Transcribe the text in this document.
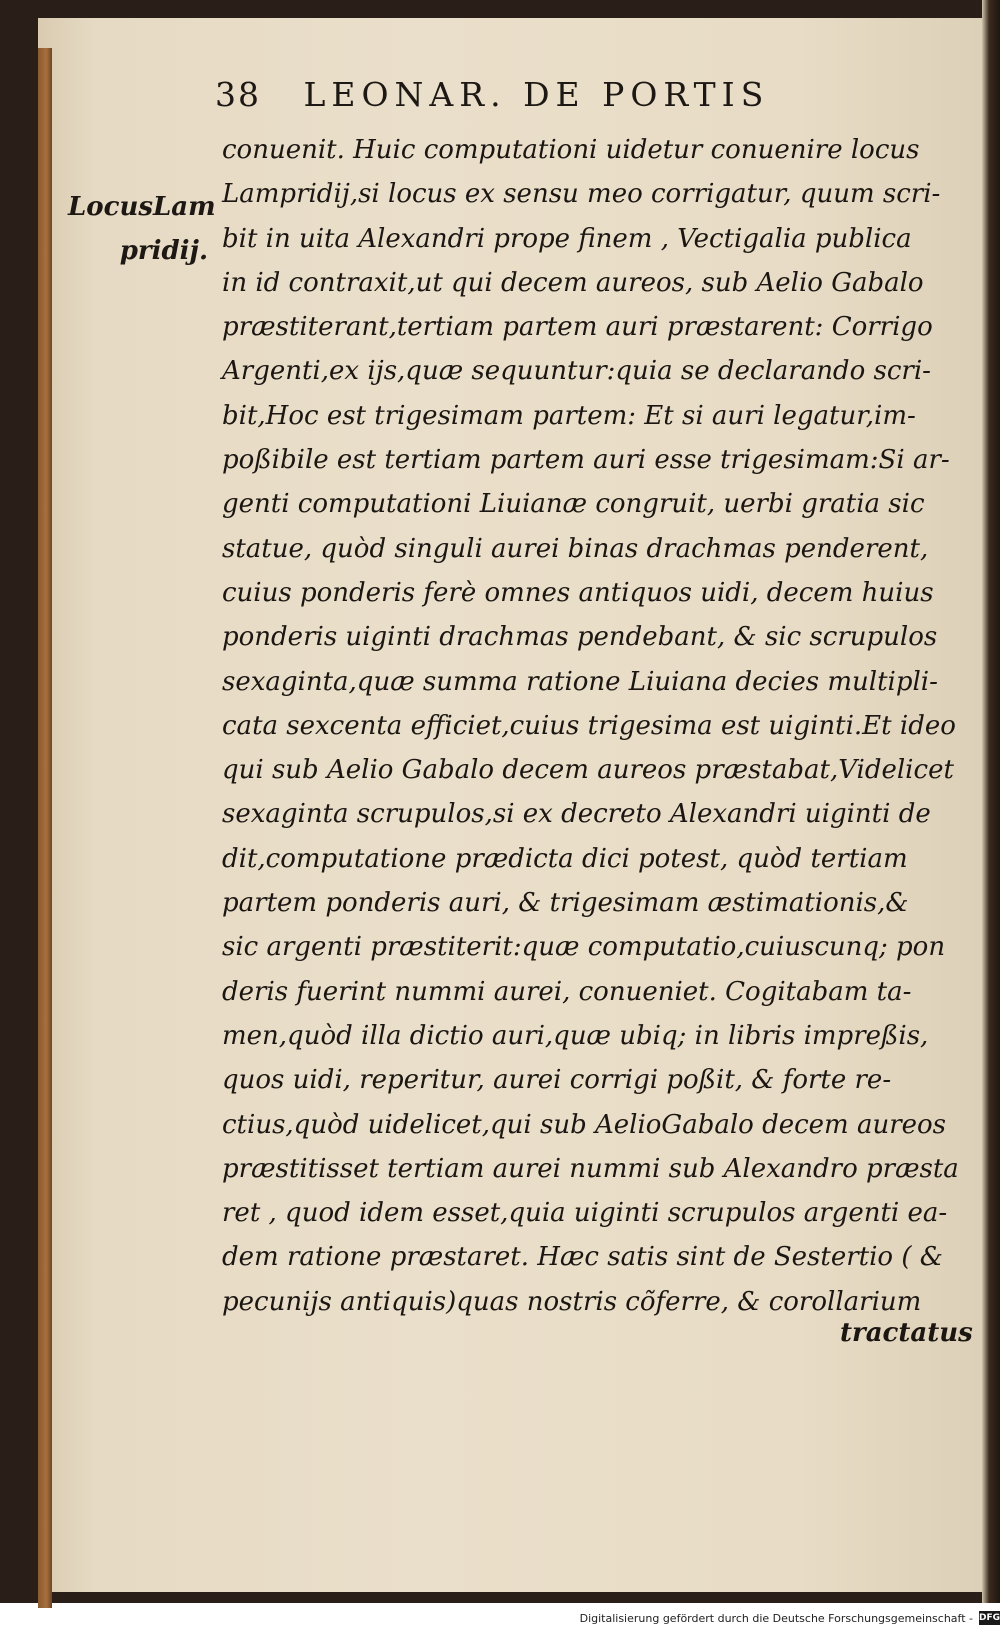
38 LEONAR. DE PORTIS
LocusLam
pridij.
conuenit. Huic computationi uidetur conuenire locus
Lampridij,si locus ex sensu meo corrigatur, quum scri-
bit in uita Alexandri prope finem , Vectigalia publica
in id contraxit,ut qui decem aureos, sub Aelio Gabalo
præstiterant,tertiam partem auri præstarent: Corrigo
Argenti,ex ijs,quæ sequuntur:quia se declarando scri-
bit,Hoc est trigesimam partem: Et si auri legatur,im-
poßibile est tertiam partem auri esse trigesimam:Si ar-
genti computationi Liuianæ congruit, uerbi gratia sic
statue, quòd singuli aurei binas drachmas penderent,
cuius ponderis ferè omnes antiquos uidi, decem huius
ponderis uiginti drachmas pendebant, & sic scrupulos
sexaginta,quæ summa ratione Liuiana decies multipli-
cata sexcenta efficiet,cuius trigesima est uiginti.Et ideo
qui sub Aelio Gabalo decem aureos præstabat,Videlicet
sexaginta scrupulos,si ex decreto Alexandri uiginti de
dit,computatione prædicta dici potest, quòd tertiam
partem ponderis auri, & trigesimam æstimationis,&
sic argenti præstiterit:quæ computatio,cuiuscunq; pon
deris fuerint nummi aurei, conueniet. Cogitabam ta-
men,quòd illa dictio auri,quæ ubiq; in libris impreßis,
quos uidi, reperitur, aurei corrigi poßit, & forte re-
ctius,quòd uidelicet,qui sub AelioGabalo decem aureos
præstitisset tertiam aurei nummi sub Alexandro præsta
ret , quod idem esset,quia uiginti scrupulos argenti ea-
dem ratione præstaret. Hæc satis sint de Sestertio ( &
pecunijs antiquis)quas nostris cõferre, & corollarium
tractatus
Digitalisierung gefördert durch die Deutsche Forschungsgemeinschaft - DFG
